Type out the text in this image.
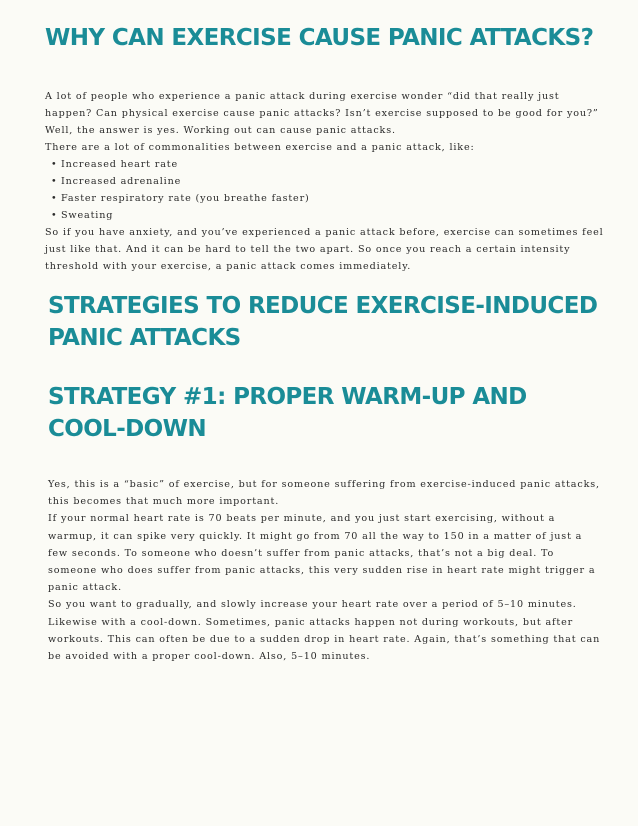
WHY CAN EXERCISE CAUSE PANIC ATTACKS?

A lot of people who experience a panic attack during exercise wonder “did that really just happen? Can physical exercise cause panic attacks? Isn’t exercise supposed to be good for you?”

Well, the answer is yes. Working out can cause panic attacks.

There are a lot of commonalities between exercise and a panic attack, like:

• Increased heart rate
• Increased adrenaline
• Faster respiratory rate (you breathe faster)
• Sweating

So if you have anxiety, and you’ve experienced a panic attack before, exercise can sometimes feel just like that. And it can be hard to tell the two apart. So once you reach a certain intensity threshold with your exercise, a panic attack comes immediately.

STRATEGIES TO REDUCE EXERCISE-INDUCED PANIC ATTACKS
STRATEGY #1: PROPER WARM-UP AND COOL-DOWN

Yes, this is a “basic” of exercise, but for someone suffering from exercise-induced panic attacks, this becomes that much more important.

If your normal heart rate is 70 beats per minute, and you just start exercising, without a warmup, it can spike very quickly. It might go from 70 all the way to 150 in a matter of just a few seconds. To someone who doesn’t suffer from panic attacks, that’s not a big deal. To someone who does suffer from panic attacks, this very sudden rise in heart rate might trigger a panic attack.

So you want to gradually, and slowly increase your heart rate over a period of 5–10 minutes.

Likewise with a cool-down. Sometimes, panic attacks happen not during workouts, but after workouts. This can often be due to a sudden drop in heart rate. Again, that’s something that can be avoided with a proper cool-down. Also, 5–10 minutes.
